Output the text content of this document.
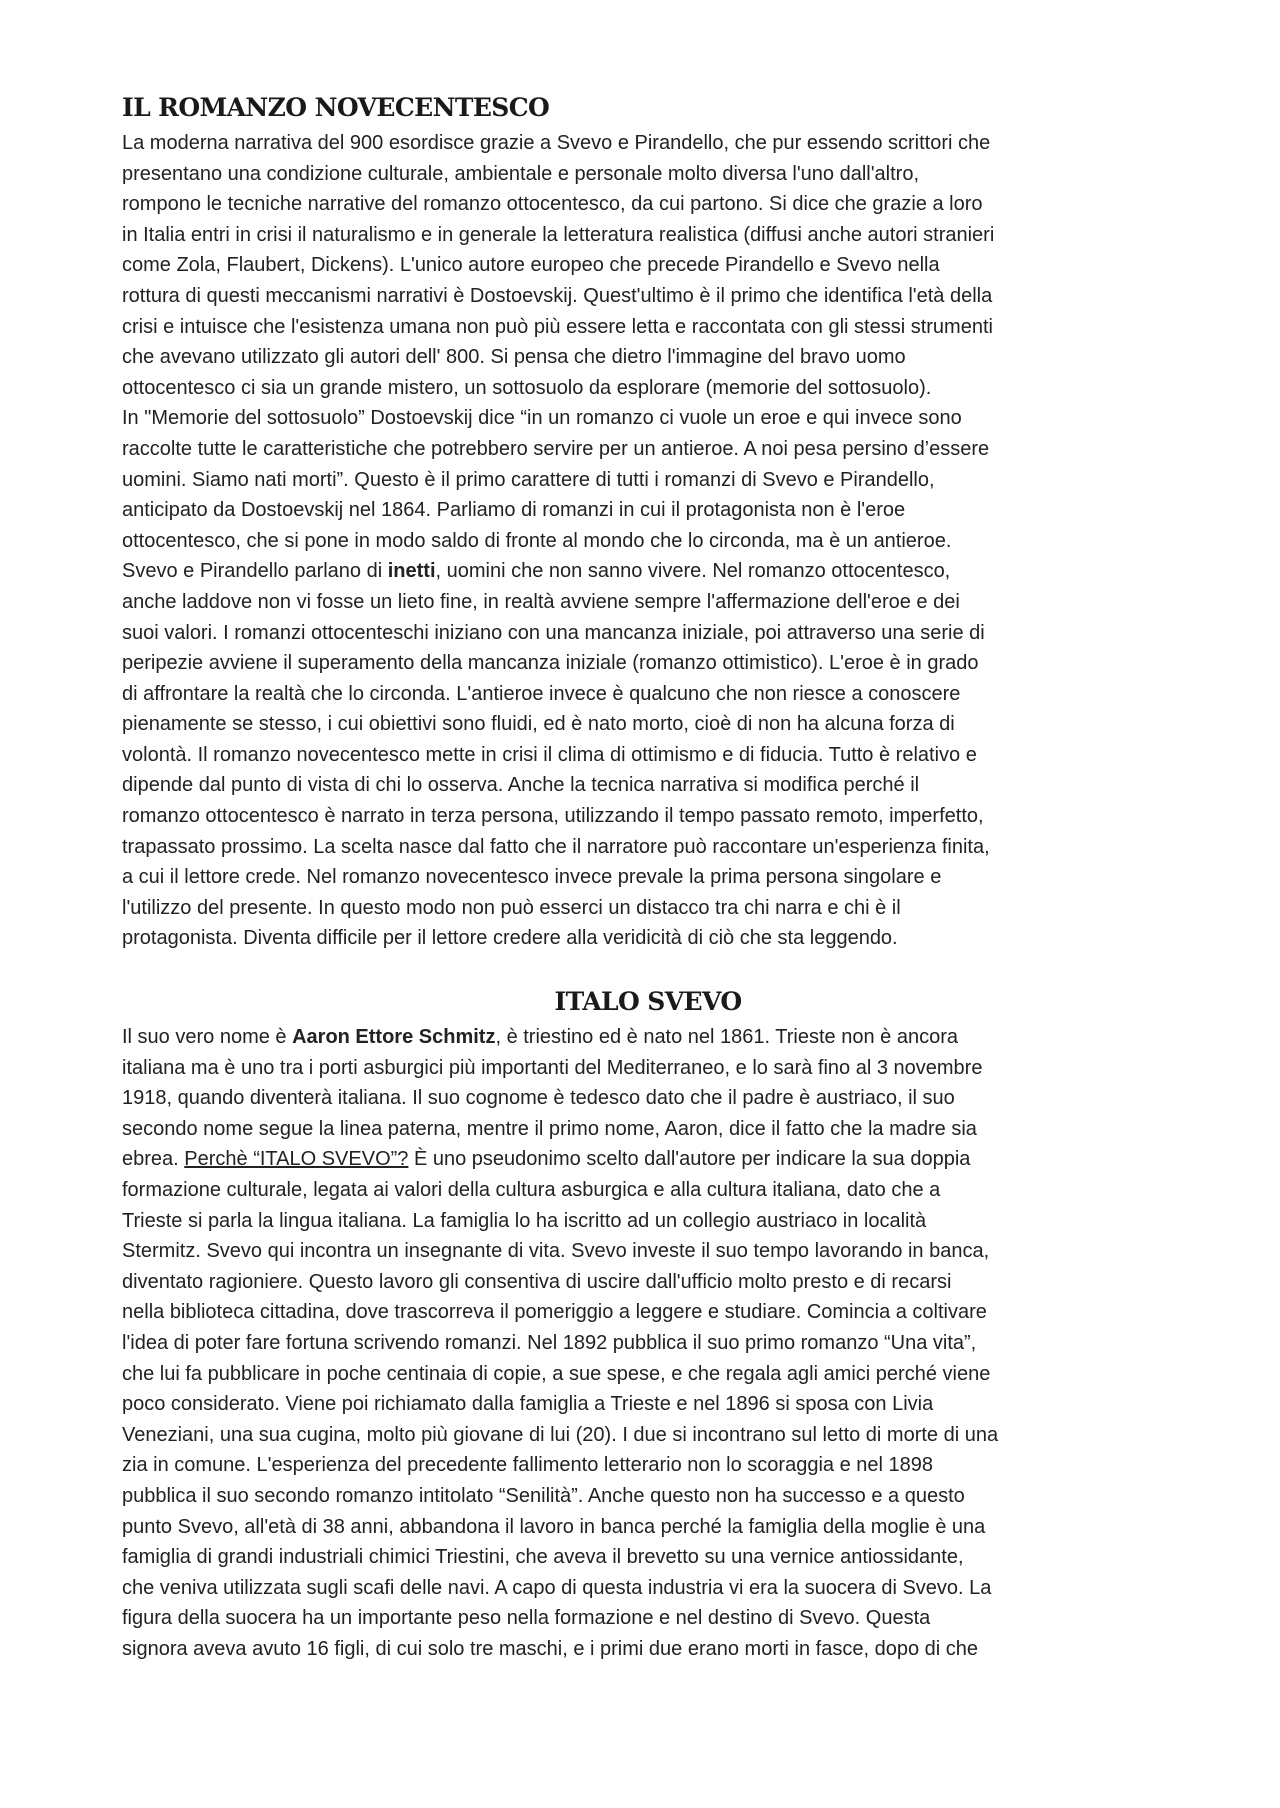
IL ROMANZO NOVECENTESCO

La moderna narrativa del 900 esordisce grazie a Svevo e Pirandello, che pur essendo scrittori che
presentano una condizione culturale, ambientale e personale molto diversa l'uno dall'altro,
rompono le tecniche narrative del romanzo ottocentesco, da cui partono. Si dice che grazie a loro
in Italia entri in crisi il naturalismo e in generale la letteratura realistica (diffusi anche autori stranieri
come Zola, Flaubert, Dickens). L'unico autore europeo che precede Pirandello e Svevo nella
rottura di questi meccanismi narrativi è Dostoevskij. Quest'ultimo è il primo che identifica l'età della
crisi e intuisce che l'esistenza umana non può più essere letta e raccontata con gli stessi strumenti
che avevano utilizzato gli autori dell' 800. Si pensa che dietro l'immagine del bravo uomo
ottocentesco ci sia un grande mistero, un sottosuolo da esplorare (memorie del sottosuolo).
In "Memorie del sottosuolo” Dostoevskij dice “in un romanzo ci vuole un eroe e qui invece sono
raccolte tutte le caratteristiche che potrebbero servire per un antieroe. A noi pesa persino d’essere
uomini. Siamo nati morti”. Questo è il primo carattere di tutti i romanzi di Svevo e Pirandello,
anticipato da Dostoevskij nel 1864. Parliamo di romanzi in cui il protagonista non è l'eroe
ottocentesco, che si pone in modo saldo di fronte al mondo che lo circonda, ma è un antieroe.
Svevo e Pirandello parlano di inetti, uomini che non sanno vivere. Nel romanzo ottocentesco,
anche laddove non vi fosse un lieto fine, in realtà avviene sempre l'affermazione dell'eroe e dei
suoi valori. I romanzi ottocenteschi iniziano con una mancanza iniziale, poi attraverso una serie di
peripezie avviene il superamento della mancanza iniziale (romanzo ottimistico). L'eroe è in grado
di affrontare la realtà che lo circonda. L'antieroe invece è qualcuno che non riesce a conoscere
pienamente se stesso, i cui obiettivi sono fluidi, ed è nato morto, cioè di non ha alcuna forza di
volontà. Il romanzo novecentesco mette in crisi il clima di ottimismo e di fiducia. Tutto è relativo e
dipende dal punto di vista di chi lo osserva. Anche la tecnica narrativa si modifica perché il
romanzo ottocentesco è narrato in terza persona, utilizzando il tempo passato remoto, imperfetto,
trapassato prossimo. La scelta nasce dal fatto che il narratore può raccontare un'esperienza finita,
a cui il lettore crede. Nel romanzo novecentesco invece prevale la prima persona singolare e
l'utilizzo del presente. In questo modo non può esserci un distacco tra chi narra e chi è il
protagonista. Diventa difficile per il lettore credere alla veridicità di ciò che sta leggendo.

ITALO SVEVO

Il suo vero nome è Aaron Ettore Schmitz, è triestino ed è nato nel 1861. Trieste non è ancora
italiana ma è uno tra i porti asburgici più importanti del Mediterraneo, e lo sarà fino al 3 novembre
1918, quando diventerà italiana. Il suo cognome è tedesco dato che il padre è austriaco, il suo
secondo nome segue la linea paterna, mentre il primo nome, Aaron, dice il fatto che la madre sia
ebrea. Perchè “ITALO SVEVO”? È uno pseudonimo scelto dall'autore per indicare la sua doppia
formazione culturale, legata ai valori della cultura asburgica e alla cultura italiana, dato che a
Trieste si parla la lingua italiana. La famiglia lo ha iscritto ad un collegio austriaco in località
Stermitz. Svevo qui incontra un insegnante di vita. Svevo investe il suo tempo lavorando in banca,
diventato ragioniere. Questo lavoro gli consentiva di uscire dall'ufficio molto presto e di recarsi
nella biblioteca cittadina, dove trascorreva il pomeriggio a leggere e studiare. Comincia a coltivare
l'idea di poter fare fortuna scrivendo romanzi. Nel 1892 pubblica il suo primo romanzo “Una vita”,
che lui fa pubblicare in poche centinaia di copie, a sue spese, e che regala agli amici perché viene
poco considerato. Viene poi richiamato dalla famiglia a Trieste e nel 1896 si sposa con Livia
Veneziani, una sua cugina, molto più giovane di lui (20). I due si incontrano sul letto di morte di una
zia in comune. L'esperienza del precedente fallimento letterario non lo scoraggia e nel 1898
pubblica il suo secondo romanzo intitolato “Senilità”. Anche questo non ha successo e a questo
punto Svevo, all'età di 38 anni, abbandona il lavoro in banca perché la famiglia della moglie è una
famiglia di grandi industriali chimici Triestini, che aveva il brevetto su una vernice antiossidante,
che veniva utilizzata sugli scafi delle navi. A capo di questa industria vi era la suocera di Svevo. La
figura della suocera ha un importante peso nella formazione e nel destino di Svevo. Questa
signora aveva avuto 16 figli, di cui solo tre maschi, e i primi due erano morti in fasce, dopo di che
